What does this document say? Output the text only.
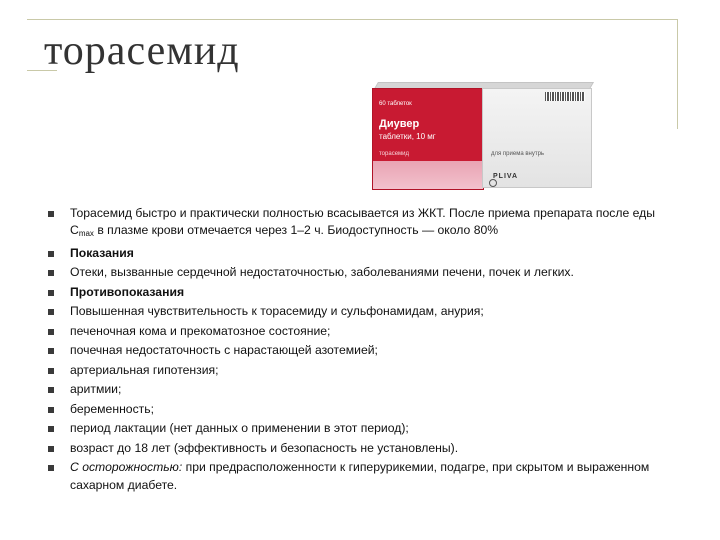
торасемид
60 таблеток
Диувер
таблетки, 10 мг
торасемид	для приема внутрь
PLIVA
Торасемид быстро и практически полностью всасывается из ЖКТ. После приема препарата после еды $C_{max}$ в плазме крови отмечается через 1–2 ч. Биодоступность — около 80%
Показания
Отеки, вызванные сердечной недостаточностью, заболеваниями печени, почек и легких.
Противопоказания
Повышенная чувствительность к торасемиду и сульфонамидам, анурия;
печеночная кома и прекоматозное состояние;
почечная недостаточность с нарастающей азотемией;
артериальная гипотензия;
аритмии;
беременность;
период лактации (нет данных о применении в этот период);
возраст до 18 лет (эффективность и безопасность не установлены).
С осторожностью: при предрасположенности к гиперурикемии, подагре, при скрытом и выраженном сахарном диабете.
